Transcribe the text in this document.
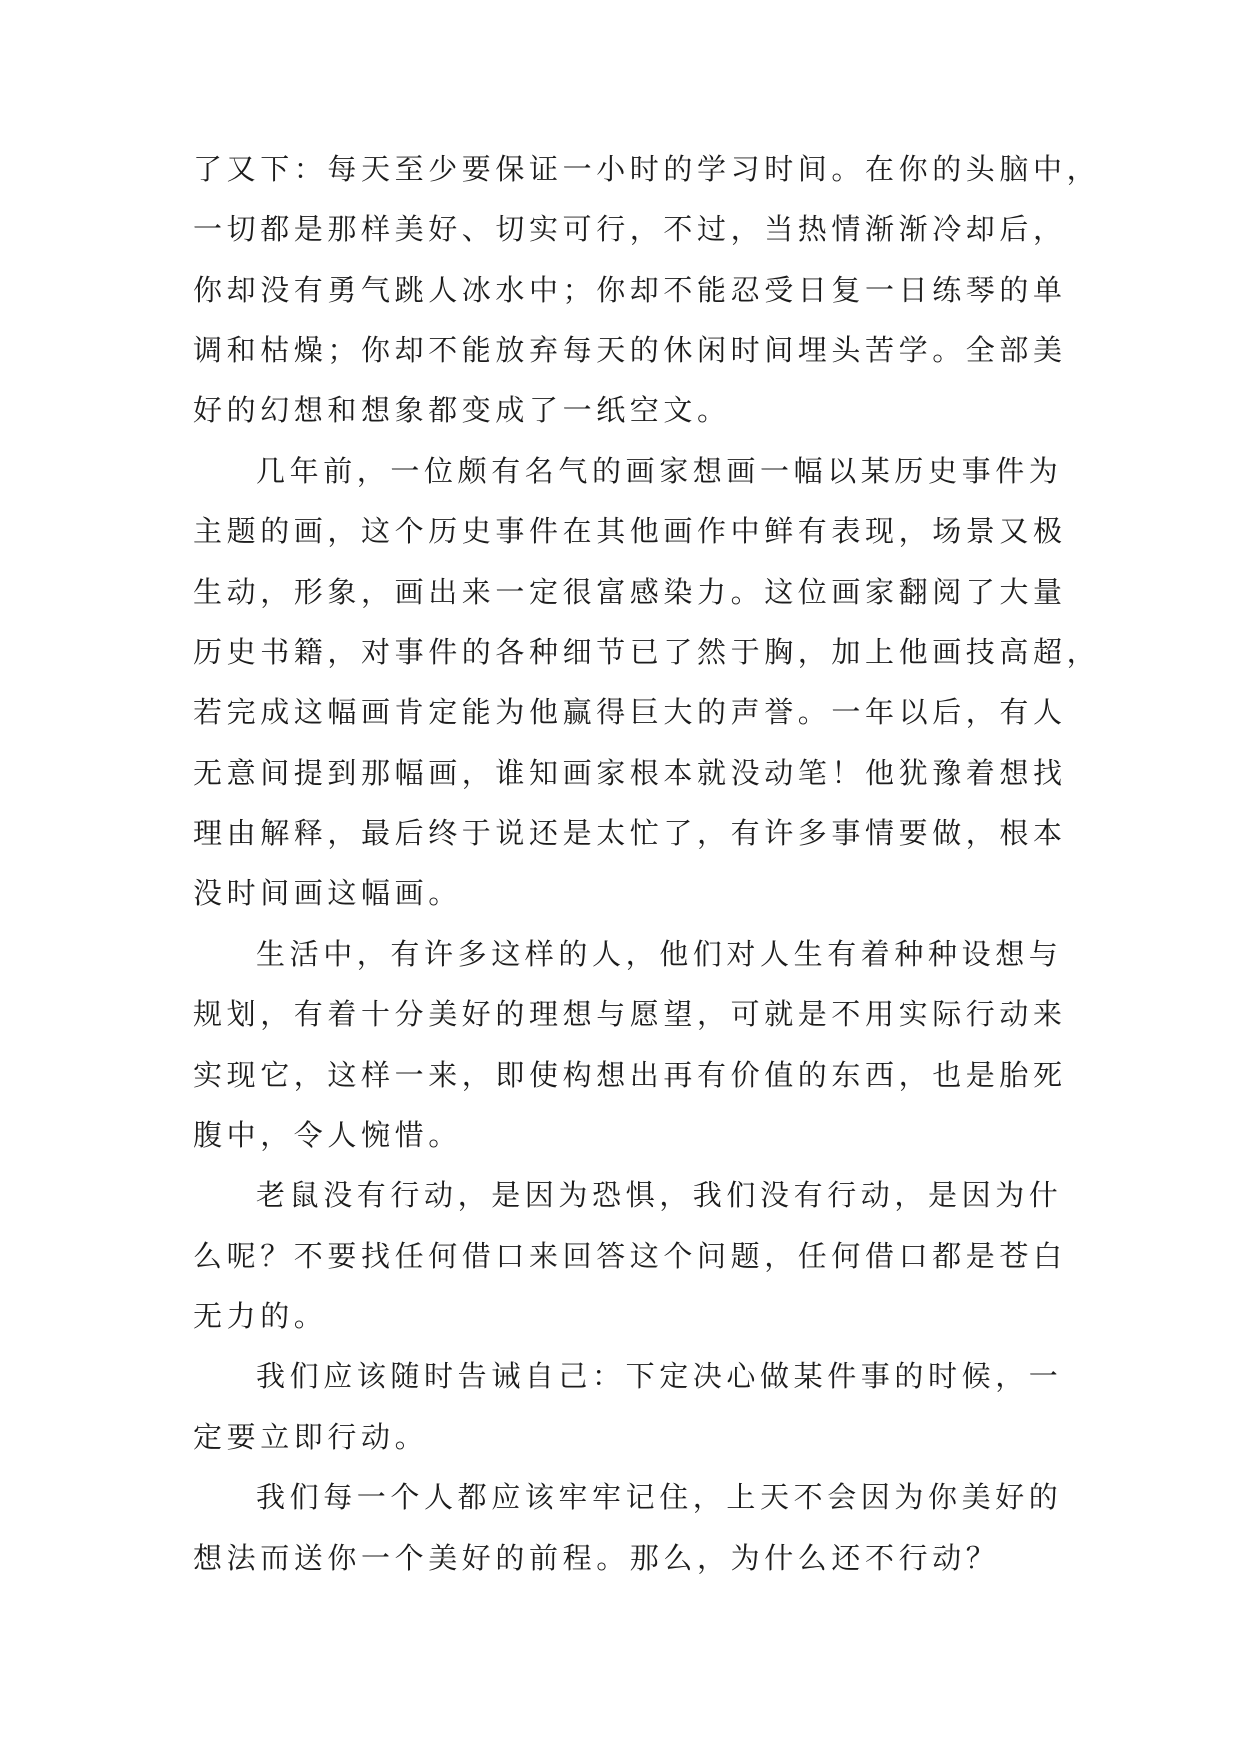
了又下：每天至少要保证一小时的学习时间。在你的头脑中，
一切都是那样美好、切实可行，不过，当热情渐渐冷却后，
你却没有勇气跳人冰水中；你却不能忍受日复一日练琴的单
调和枯燥；你却不能放弃每天的休闲时间埋头苦学。全部美
好的幻想和想象都变成了一纸空文。
几年前，一位颇有名气的画家想画一幅以某历史事件为
主题的画，这个历史事件在其他画作中鲜有表现，场景又极
生动，形象，画出来一定很富感染力。这位画家翻阅了大量
历史书籍，对事件的各种细节已了然于胸，加上他画技高超，
若完成这幅画肯定能为他赢得巨大的声誉。一年以后，有人
无意间提到那幅画，谁知画家根本就没动笔！他犹豫着想找
理由解释，最后终于说还是太忙了，有许多事情要做，根本
没时间画这幅画。
生活中，有许多这样的人，他们对人生有着种种设想与
规划，有着十分美好的理想与愿望，可就是不用实际行动来
实现它，这样一来，即使构想出再有价值的东西，也是胎死
腹中，令人惋惜。
老鼠没有行动，是因为恐惧，我们没有行动，是因为什
么呢？不要找任何借口来回答这个问题，任何借口都是苍白
无力的。
我们应该随时告诫自己：下定决心做某件事的时候，一
定要立即行动。
我们每一个人都应该牢牢记住，上天不会因为你美好的
想法而送你一个美好的前程。那么，为什么还不行动？
